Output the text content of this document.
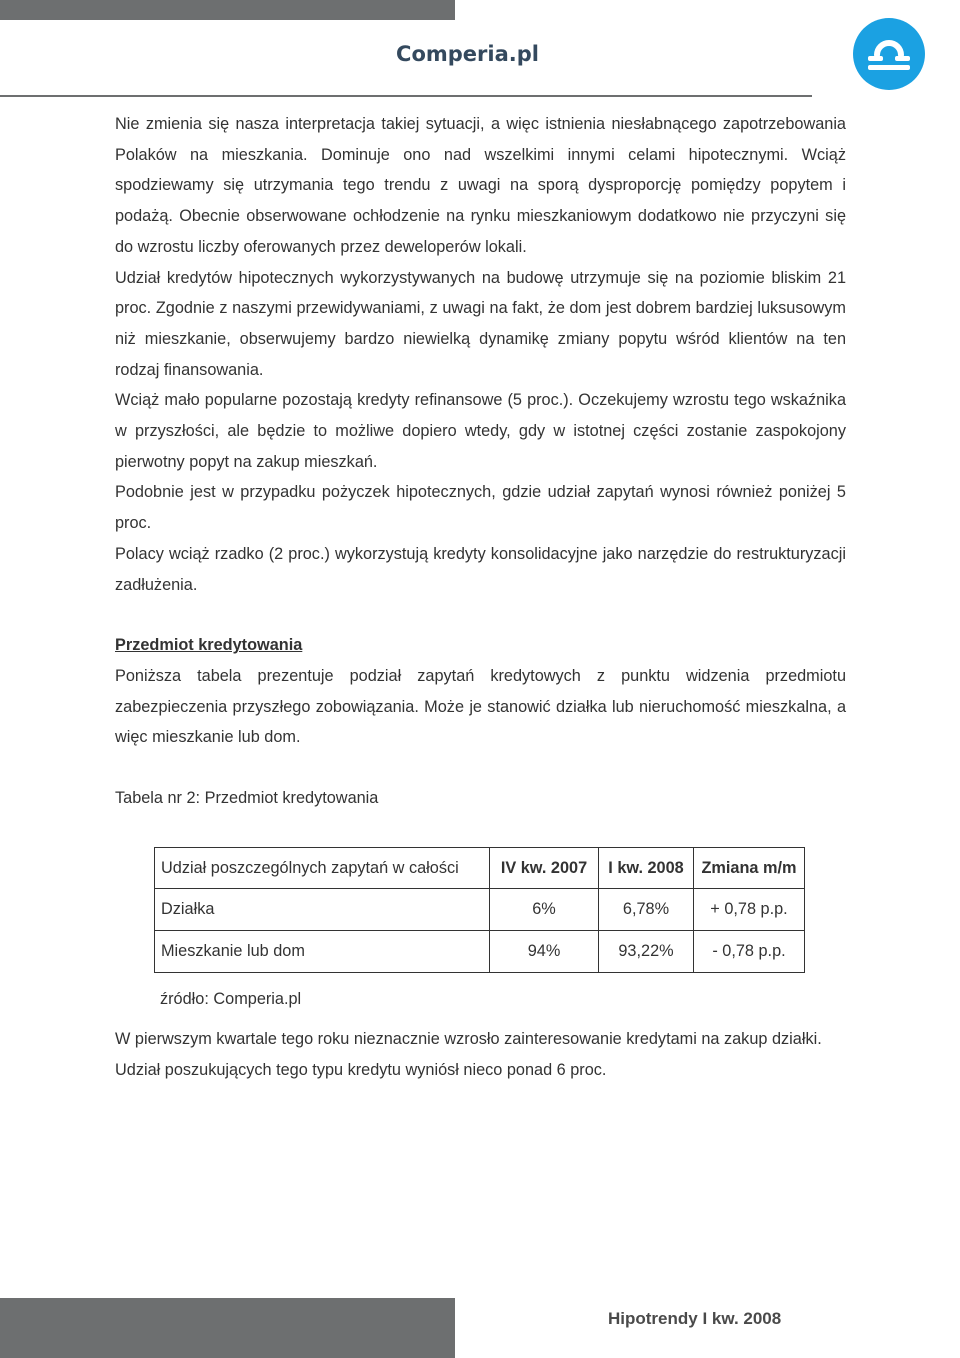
Comperia.pl

Nie zmienia się nasza interpretacja takiej sytuacji, a więc istnienia niesłabnącego zapotrzebowania Polaków na mieszkania. Dominuje ono nad wszelkimi innymi celami hipotecznymi. Wciąż spodziewamy się utrzymania tego trendu z uwagi na sporą dysproporcję pomiędzy popytem i podażą. Obecnie obserwowane ochłodzenie na rynku mieszkaniowym dodatkowo nie przyczyni się do wzrostu liczby oferowanych przez deweloperów lokali.

Udział kredytów hipotecznych wykorzystywanych na budowę utrzymuje się na poziomie bliskim 21 proc. Zgodnie z naszymi przewidywaniami, z uwagi na fakt, że dom jest dobrem bardziej luksusowym niż mieszkanie, obserwujemy bardzo niewielką dynamikę zmiany popytu wśród klientów na ten rodzaj finansowania.

Wciąż mało popularne pozostają kredyty refinansowe (5 proc.). Oczekujemy wzrostu tego wskaźnika w przyszłości, ale będzie to możliwe dopiero wtedy, gdy w istotnej części zostanie zaspokojony pierwotny popyt na zakup mieszkań.

Podobnie jest w przypadku pożyczek hipotecznych, gdzie udział zapytań wynosi również poniżej 5 proc.

Polacy wciąż rzadko (2 proc.) wykorzystują kredyty konsolidacyjne jako narzędzie do restrukturyzacji zadłużenia.

Przedmiot kredytowania

Poniższa tabela prezentuje podział zapytań kredytowych z punktu widzenia przedmiotu zabezpieczenia przyszłego zobowiązania. Może je stanowić działka lub nieruchomość mieszkalna, a więc mieszkanie lub dom.

Tabela nr 2: Przedmiot kredytowania

Udział poszczególnych zapytań w całości	IV kw. 2007	I kw. 2008	Zmiana m/m
Działka	6%	6,78%	+ 0,78 p.p.
Mieszkanie lub dom	94%	93,22%	- 0,78 p.p.
źródło: Comperia.pl

W pierwszym kwartale tego roku nieznacznie wzrosło zainteresowanie kredytami na zakup działki. Udział poszukujących tego typu kredytu wyniósł nieco ponad 6 proc.

Hipotrendy I kw. 2008
